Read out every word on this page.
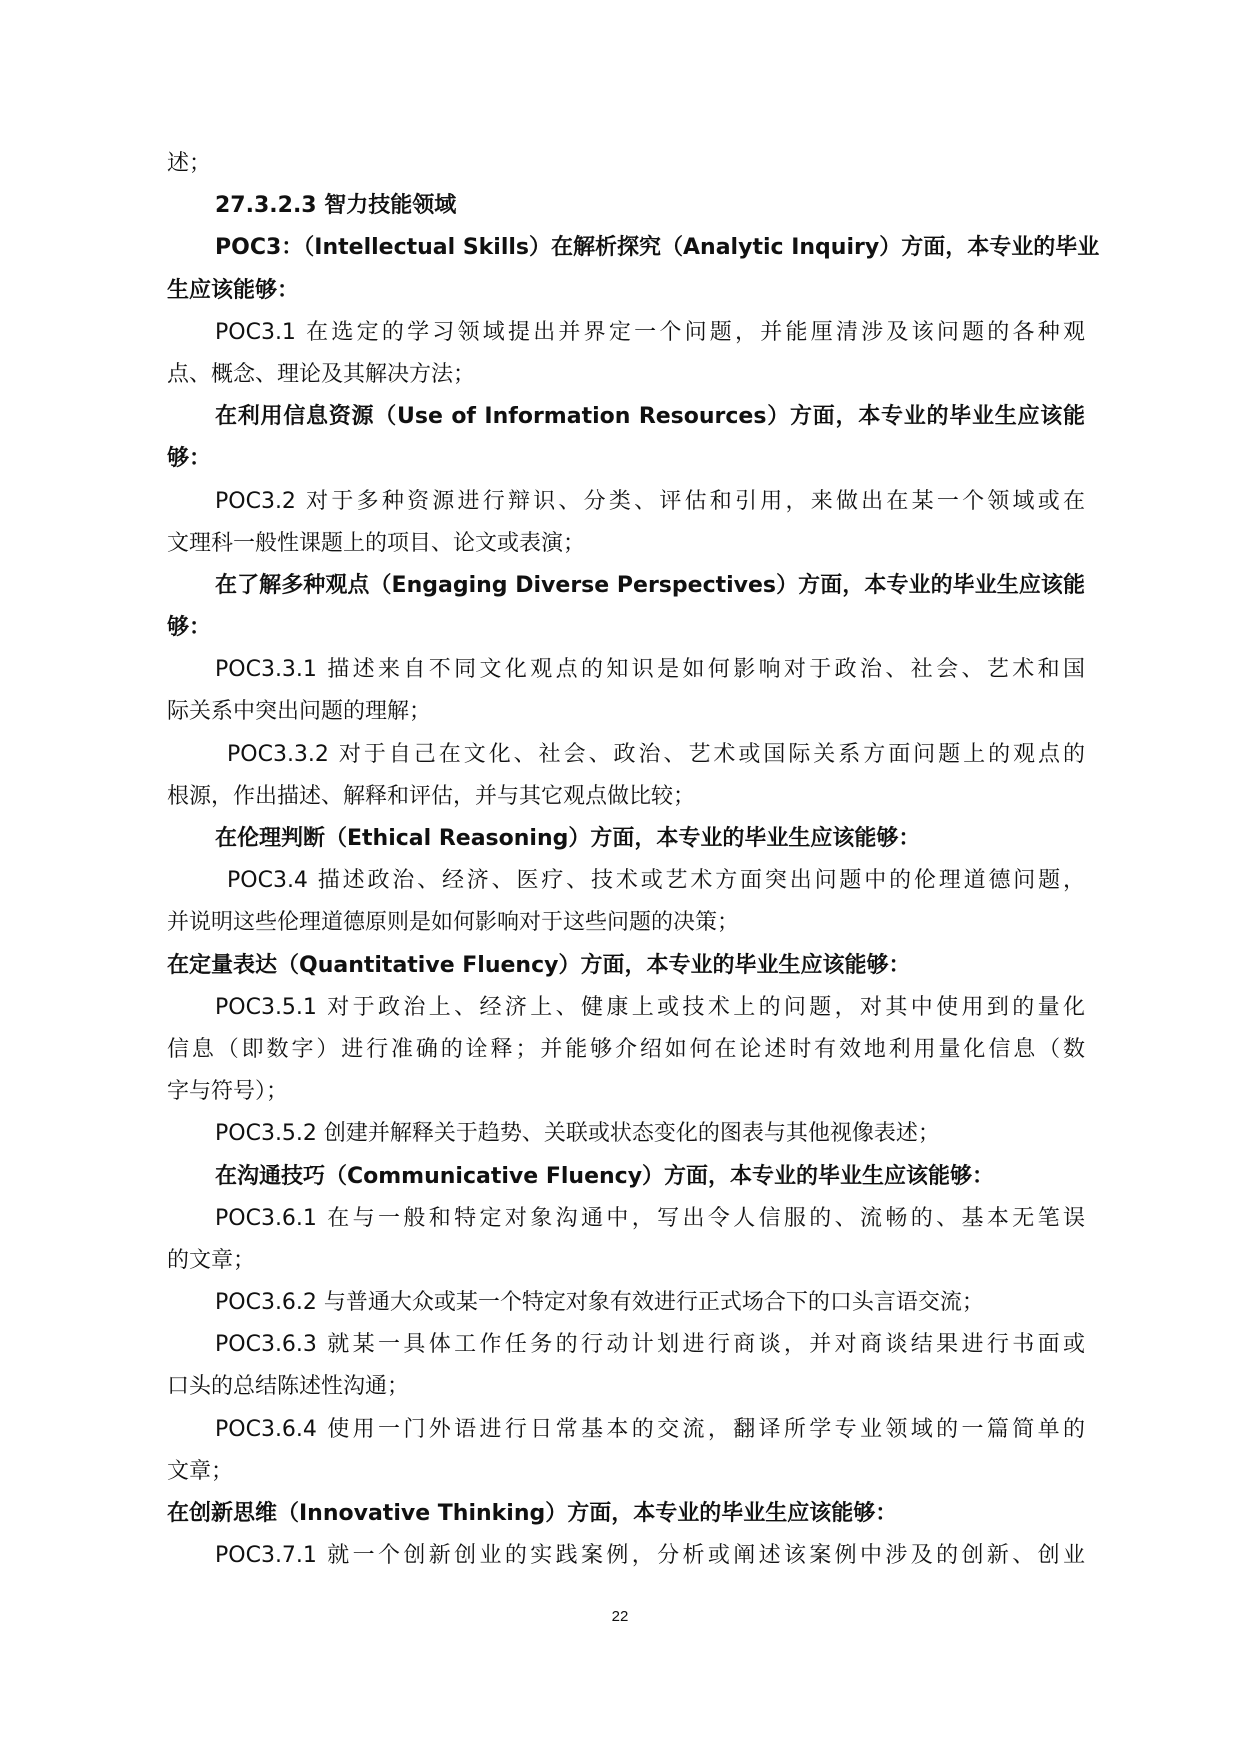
述；
27.3.2.3 智力技能领域
POC3：（Intellectual Skills）在解析探究（Analytic Inquiry）方面，本专业的毕业
生应该能够：
POC3.1 在选定的学习领域提出并界定一个问题，并能厘清涉及该问题的各种观
点、概念、理论及其解决方法；
在利用信息资源（Use of Information Resources）方面，本专业的毕业生应该能
够：
POC3.2 对于多种资源进行辩识、分类、评估和引用，来做出在某一个领域或在
文理科一般性课题上的项目、论文或表演；
在了解多种观点（Engaging Diverse Perspectives）方面，本专业的毕业生应该能
够：
POC3.3.1 描述来自不同文化观点的知识是如何影响对于政治、社会、艺术和国
际关系中突出问题的理解；
POC3.3.2 对于自己在文化、社会、政治、艺术或国际关系方面问题上的观点的
根源，作出描述、解释和评估，并与其它观点做比较；
在伦理判断（Ethical Reasoning）方面，本专业的毕业生应该能够：
POC3.4 描述政治、经济、医疗、技术或艺术方面突出问题中的伦理道德问题，
并说明这些伦理道德原则是如何影响对于这些问题的决策；
在定量表达（Quantitative Fluency）方面，本专业的毕业生应该能够：
POC3.5.1 对于政治上、经济上、健康上或技术上的问题，对其中使用到的量化
信息（即数字）进行准确的诠释；并能够介绍如何在论述时有效地利用量化信息（数
字与符号）；
POC3.5.2 创建并解释关于趋势、关联或状态变化的图表与其他视像表述；
在沟通技巧（Communicative Fluency）方面，本专业的毕业生应该能够：
POC3.6.1 在与一般和特定对象沟通中，写出令人信服的、流畅的、基本无笔误
的文章；
POC3.6.2 与普通大众或某一个特定对象有效进行正式场合下的口头言语交流；
POC3.6.3 就某一具体工作任务的行动计划进行商谈，并对商谈结果进行书面或
口头的总结陈述性沟通；
POC3.6.4 使用一门外语进行日常基本的交流，翻译所学专业领域的一篇简单的
文章；
在创新思维（Innovative Thinking）方面，本专业的毕业生应该能够：
POC3.7.1 就一个创新创业的实践案例，分析或阐述该案例中涉及的创新、创业
22
